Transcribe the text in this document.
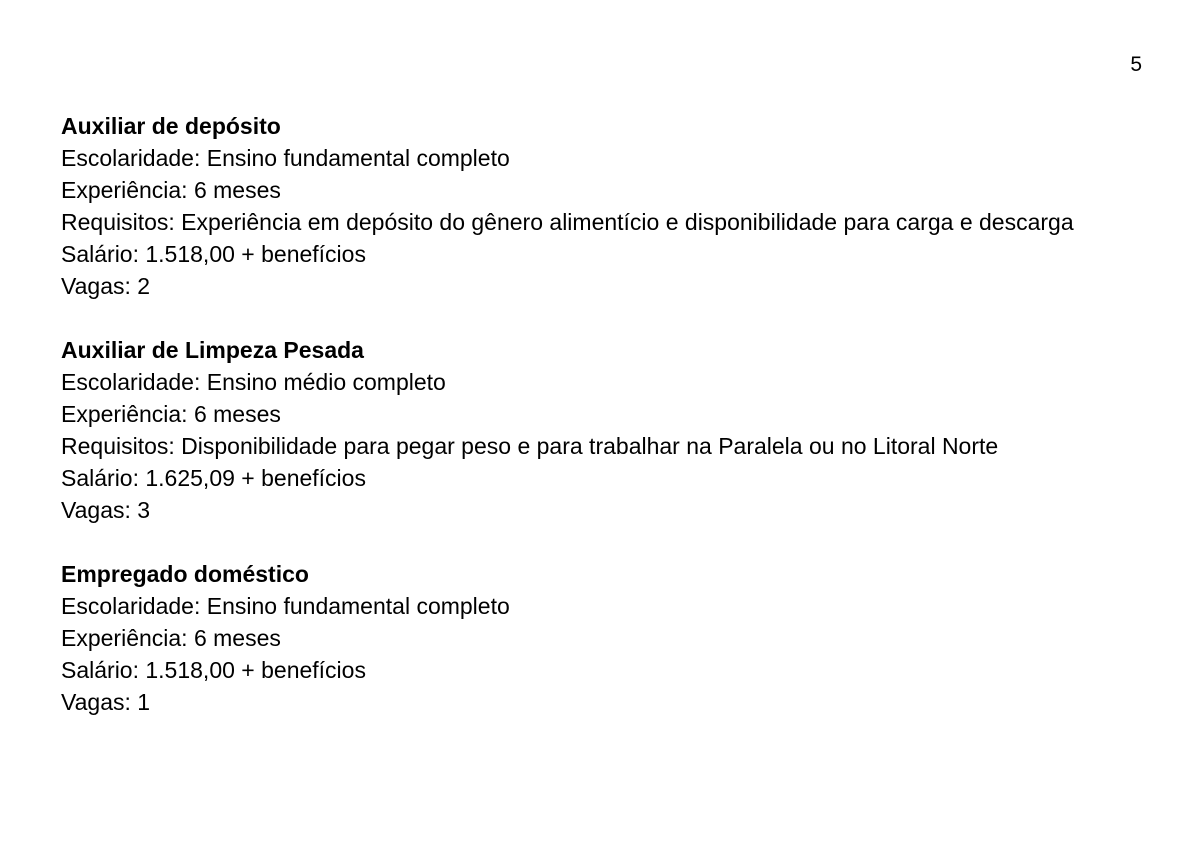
5
Auxiliar de depósito
Escolaridade: Ensino fundamental completo
Experiência: 6 meses
Requisitos: Experiência em depósito do gênero alimentício e disponibilidade para carga e descarga
Salário: 1.518,00 + benefícios
Vagas: 2
Auxiliar de Limpeza Pesada
Escolaridade: Ensino médio completo
Experiência: 6 meses
Requisitos: Disponibilidade para pegar peso e para trabalhar na Paralela ou no Litoral Norte
Salário: 1.625,09 + benefícios
Vagas: 3
Empregado doméstico
Escolaridade: Ensino fundamental completo
Experiência: 6 meses
Salário: 1.518,00 + benefícios
Vagas: 1
